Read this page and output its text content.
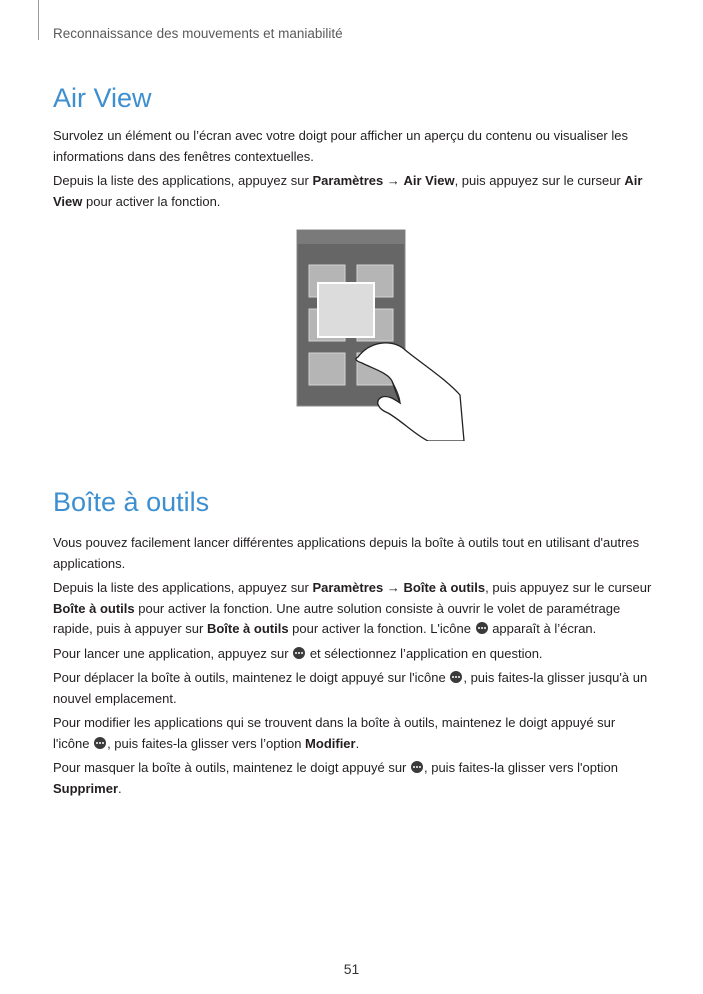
Reconnaissance des mouvements et maniabilité
Air View

Survolez un élément ou l’écran avec votre doigt pour afficher un aperçu du contenu ou visualiser les informations dans des fenêtres contextuelles.

Depuis la liste des applications, appuyez sur Paramètres → Air View, puis appuyez sur le curseur Air View pour activer la fonction.

Boîte à outils

Vous pouvez facilement lancer différentes applications depuis la boîte à outils tout en utilisant d'autres applications.

Depuis la liste des applications, appuyez sur Paramètres → Boîte à outils, puis appuyez sur le curseur Boîte à outils pour activer la fonction. Une autre solution consiste à ouvrir le volet de paramétrage rapide, puis à appuyer sur Boîte à outils pour activer la fonction. L'icône  apparaît à l’écran.

Pour lancer une application, appuyez sur  et sélectionnez l’application en question.

Pour déplacer la boîte à outils, maintenez le doigt appuyé sur l'icône , puis faites-la glisser jusqu'à un nouvel emplacement.

Pour modifier les applications qui se trouvent dans la boîte à outils, maintenez le doigt appuyé sur l'icône , puis faites-la glisser vers l’option Modifier.

Pour masquer la boîte à outils, maintenez le doigt appuyé sur , puis faites-la glisser vers l'option Supprimer.

51
